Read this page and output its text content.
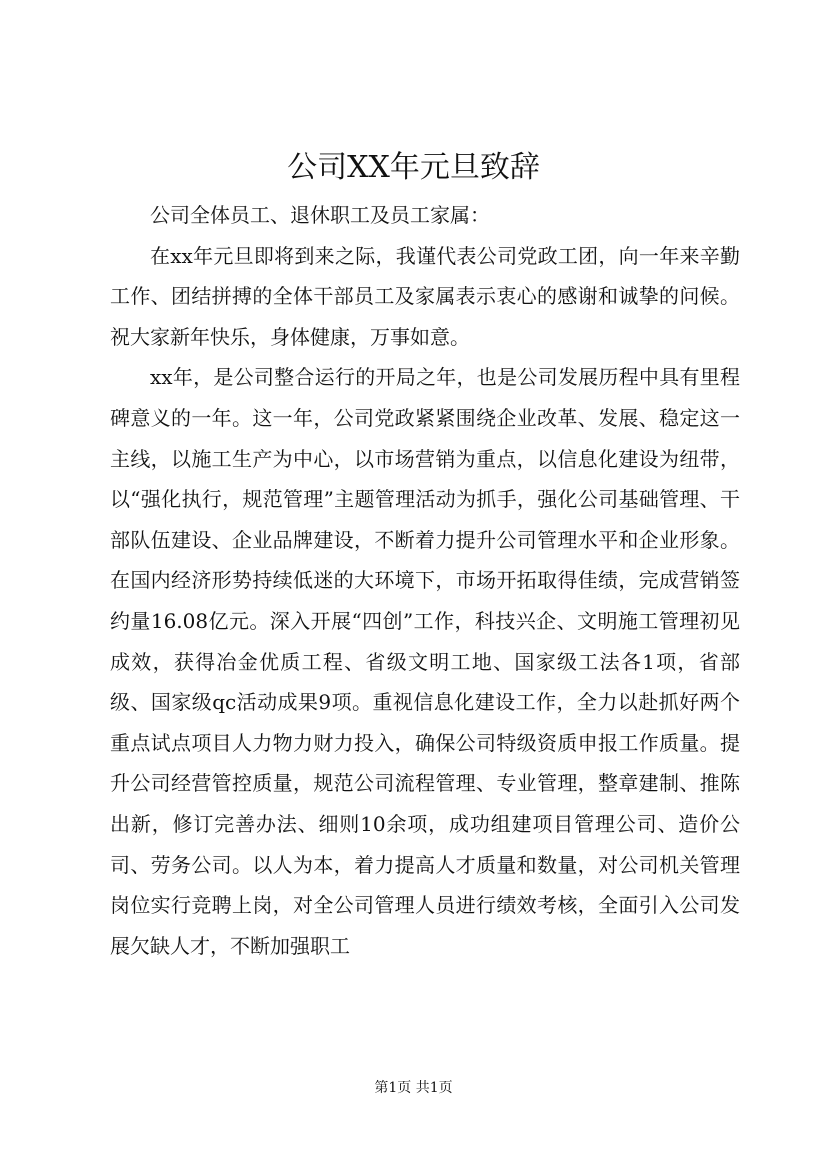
公司XX年元旦致辞

公司全体员工、退休职工及员工家属：

在xx年元旦即将到来之际，我谨代表公司党政工团，向一年来辛勤工作、团结拼搏的全体干部员工及家属表示衷心的感谢和诚挚的问候。祝大家新年快乐，身体健康，万事如意。

xx年，是公司整合运行的开局之年，也是公司发展历程中具有里程碑意义的一年。这一年，公司党政紧紧围绕企业改革、发展、稳定这一主线，以施工生产为中心，以市场营销为重点，以信息化建设为纽带，以“强化执行，规范管理”主题管理活动为抓手，强化公司基础管理、干部队伍建设、企业品牌建设，不断着力提升公司管理水平和企业形象。在国内经济形势持续低迷的大环境下，市场开拓取得佳绩，完成营销签约量16.08亿元。深入开展“四创”工作，科技兴企、文明施工管理初见成效，获得冶金优质工程、省级文明工地、国家级工法各1项，省部级、国家级qc活动成果9项。重视信息化建设工作，全力以赴抓好两个重点试点项目人力物力财力投入，确保公司特级资质申报工作质量。提升公司经营管控质量，规范公司流程管理、专业管理，整章建制、推陈出新，修订完善办法、细则10余项，成功组建项目管理公司、造价公司、劳务公司。以人为本，着力提高人才质量和数量，对公司机关管理岗位实行竞聘上岗，对全公司管理人员进行绩效考核，全面引入公司发展欠缺人才，不断加强职工

第1页 共1页
